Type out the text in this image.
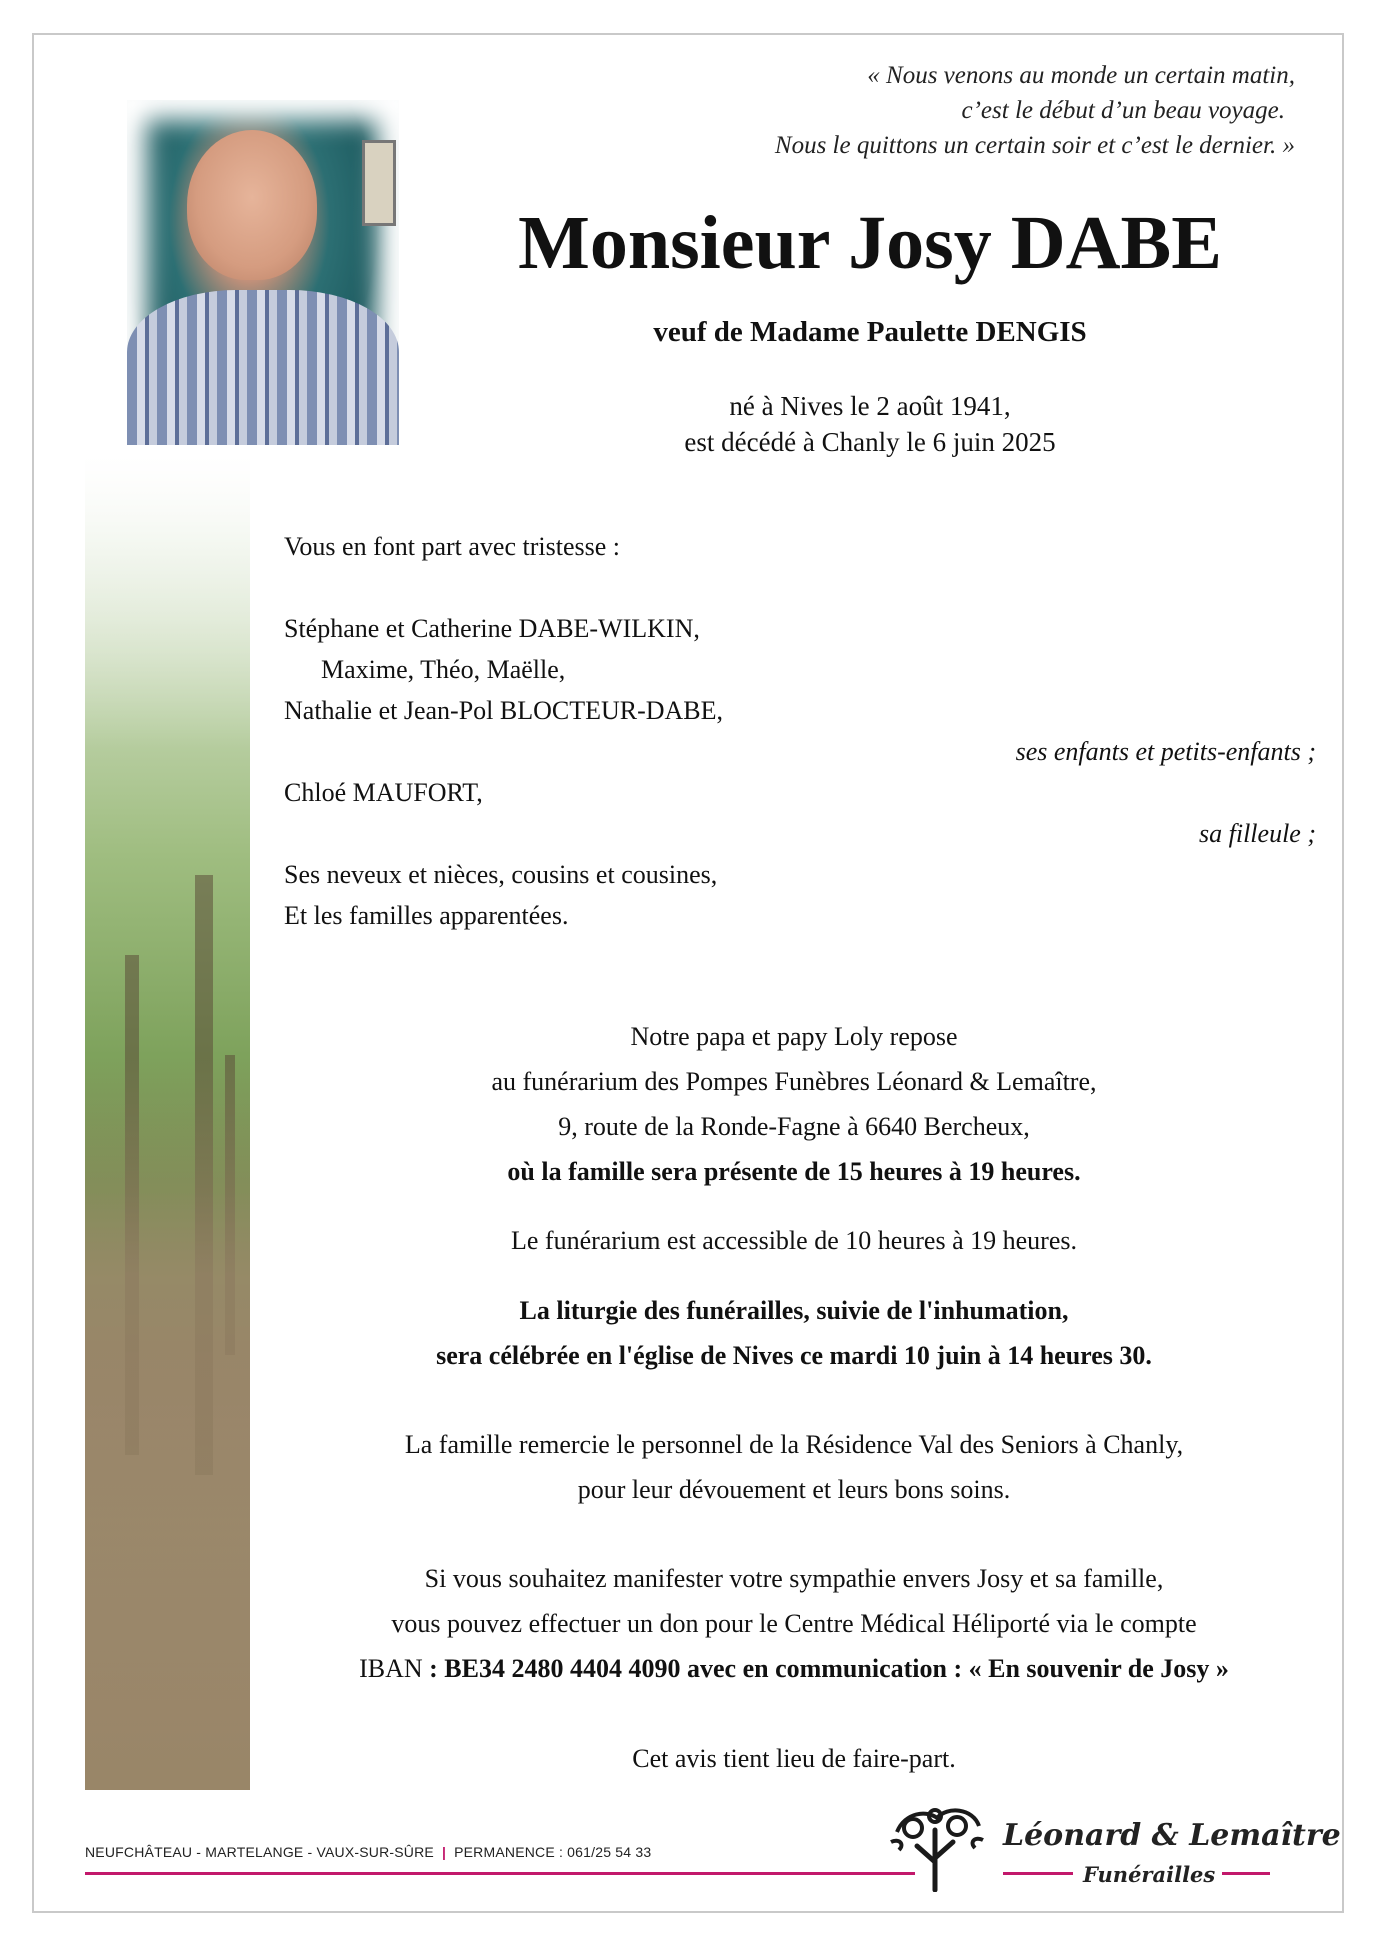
« Nous venons au monde un certain matin,
c’est le début d’un beau voyage.
Nous le quittons un certain soir et c’est le dernier. »
Monsieur Josy DABE
veuf de Madame Paulette DENGIS
né à Nives le 2 août 1941,
est décédé à Chanly le 6 juin 2025
Vous en font part avec tristesse :
Stéphane et Catherine DABE-WILKIN,
Maxime, Théo, Maëlle,
Nathalie et Jean-Pol BLOCTEUR-DABE,
ses enfants et petits-enfants ;
Chloé MAUFORT,
sa filleule ;
Ses neveux et nièces, cousins et cousines,
Et les familles apparentées.
Notre papa et papy Loly repose
au funérarium des Pompes Funèbres Léonard & Lemaître,
9, route de la Ronde-Fagne à 6640 Bercheux,
où la famille sera présente de 15 heures à 19 heures.
Le funérarium est accessible de 10 heures à 19 heures.
La liturgie des funérailles, suivie de l'inhumation,
sera célébrée en l'église de Nives ce mardi 10 juin à 14 heures 30.
La famille remercie le personnel de la Résidence Val des Seniors à Chanly,
pour leur dévouement et leurs bons soins.
Si vous souhaitez manifester votre sympathie envers Josy et sa famille,
vous pouvez effectuer un don pour le Centre Médical Héliporté via le compte
IBAN : BE34 2480 4404 4090 avec en communication : « En souvenir de Josy »
Cet avis tient lieu de faire-part.
NEUFCHÂTEAU - MARTELANGE - VAUX-SUR-SÛRE | PERMANENCE : 061/25 54 33	Léonard & Lemaître
Funérailles
